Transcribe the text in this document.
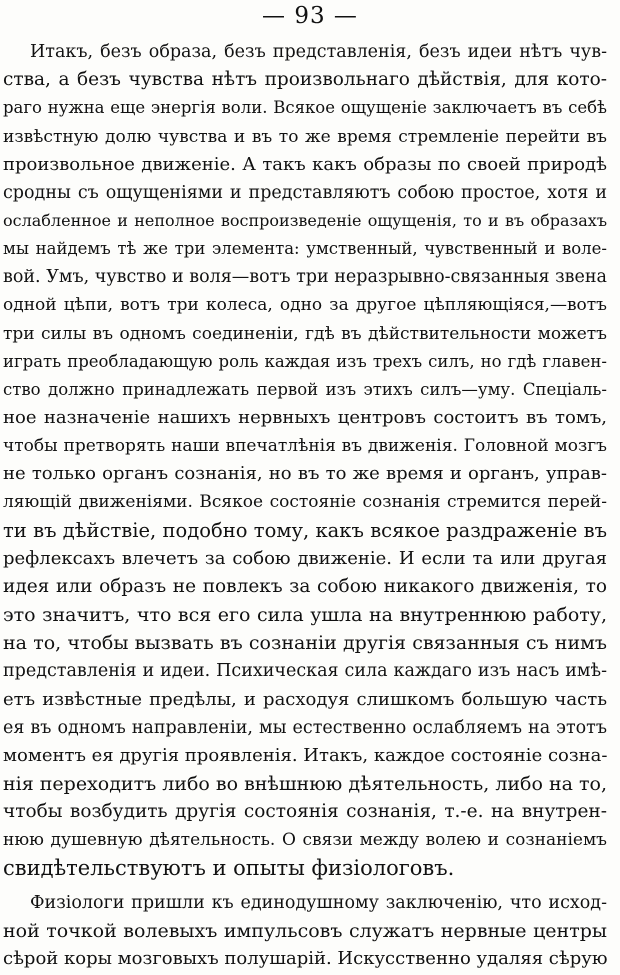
— 93 —
Итакъ, безъ образа, безъ представленія, безъ идеи нѣтъ чув-
ства, а безъ чувства нѣтъ произвольнаго дѣйствія, для кото-
раго нужна еще энергія воли. Всякое ощущеніе заключаетъ въ себѣ
извѣстную долю чувства и въ то же время стремленіе перейти въ
произвольное движеніе. А такъ какъ образы по своей природѣ
сродны съ ощущеніями и представляютъ собою простое, хотя и
ослабленное и неполное воспроизведеніе ощущенія, то и въ образахъ
мы найдемъ тѣ же три элемента: умственный, чувственный и воле-
вой. Умъ, чувство и воля—вотъ три неразрывно-связанныя звена
одной цѣпи, вотъ три колеса, одно за другое цѣпляющіяся,—вотъ
три силы въ одномъ соединеніи, гдѣ въ дѣйствительности можетъ
играть преобладающую роль каждая изъ трехъ силъ, но гдѣ главен-
ство должно принадлежать первой изъ этихъ силъ—уму. Спеціаль-
ное назначеніе нашихъ нервныхъ центровъ состоитъ въ томъ,
чтобы претворять наши впечатлѣнія въ движенія. Головной мозгъ
не только органъ сознанія, но въ то же время и органъ, управ-
ляющій движеніями. Всякое состояніе сознанія стремится перей-
ти въ дѣйствіе, подобно тому, какъ всякое раздраженіе въ
рефлексахъ влечетъ за собою движеніе. И если та или другая
идея или образъ не повлекъ за собою никакого движенія, то
это значитъ, что вся его сила ушла на внутреннюю работу,
на то, чтобы вызвать въ сознаніи другія связанныя съ нимъ
представленія и идеи. Психическая сила каждаго изъ насъ имѣ-
етъ извѣстные предѣлы, и расходуя слишкомъ большую часть
ея въ одномъ направленіи, мы естественно ослабляемъ на этотъ
моментъ ея другія проявленія. Итакъ, каждое состояніе созна-
нія переходитъ либо во внѣшнюю дѣятельность, либо на то,
чтобы возбудить другія состоянія сознанія, т.-е. на внутрен-
нюю душевную дѣятельность. О связи между волею и сознаніемъ
свидѣтельствуютъ и опыты физіологовъ.
Физіологи пришли къ единодушному заключенію, что исход-
ной точкой волевыхъ импульсовъ служатъ нервные центры
сѣрой коры мозговыхъ полушарій. Искусственно удаляя сѣрую
